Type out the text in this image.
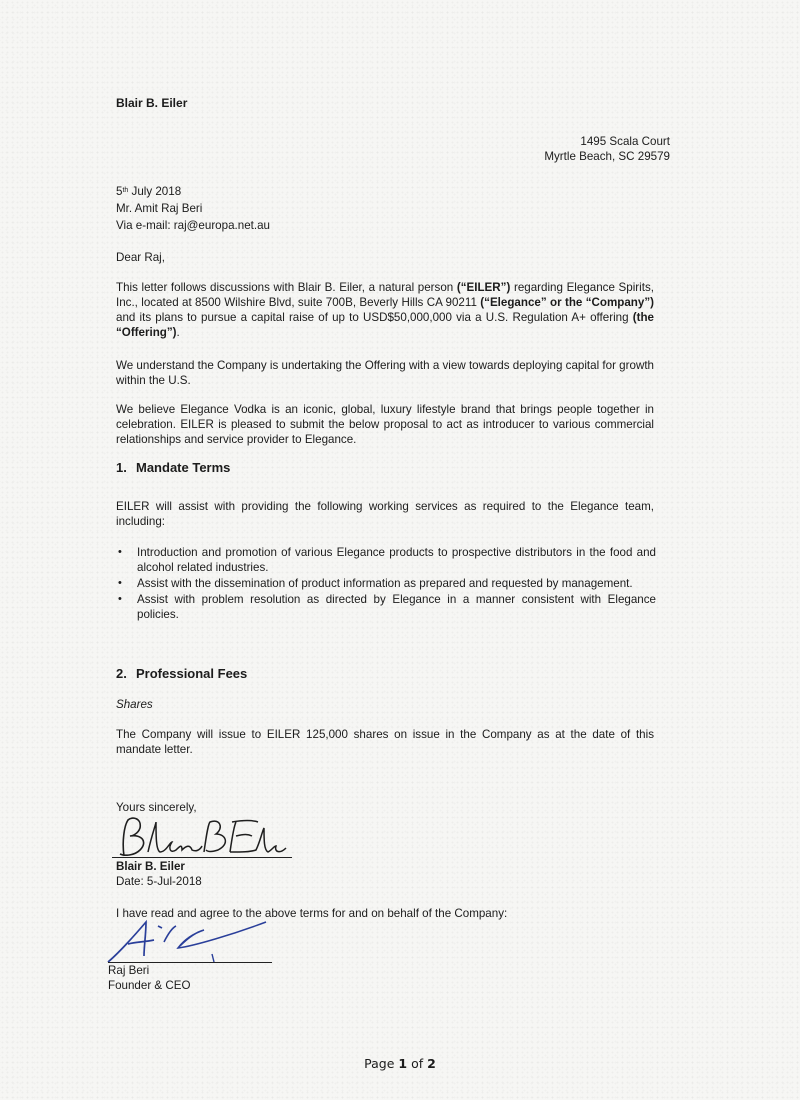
Blair B. Eiler
1495 Scala Court
Myrtle Beach, SC 29579
5th July 2018
Mr. Amit Raj Beri
Via e-mail: raj@europa.net.au
Dear Raj,
This letter follows discussions with Blair B. Eiler, a natural person (“EILER”) regarding Elegance Spirits, Inc., located at 8500 Wilshire Blvd, suite 700B, Beverly Hills CA 90211 (“Elegance” or the “Company”) and its plans to pursue a capital raise of up to USD$50,000,000 via a U.S. Regulation A+ offering (the “Offering”).
We understand the Company is undertaking the Offering with a view towards deploying capital for growth within the U.S.
We believe Elegance Vodka is an iconic, global, luxury lifestyle brand that brings people together in celebration. EILER is pleased to submit the below proposal to act as introducer to various commercial relationships and service provider to Elegance.
1. Mandate Terms
EILER will assist with providing the following working services as required to the Elegance team, including:
• Introduction and promotion of various Elegance products to prospective distributors in the food and alcohol related industries.
• Assist with the dissemination of product information as prepared and requested by management.
• Assist with problem resolution as directed by Elegance in a manner consistent with Elegance policies.
2. Professional Fees
Shares
The Company will issue to EILER 125,000 shares on issue in the Company as at the date of this mandate letter.
Yours sincerely,
Blair B. Eiler
Date: 5-Jul-2018
I have read and agree to the above terms for and on behalf of the Company:
Raj Beri
Founder & CEO
Page 1 of 2
